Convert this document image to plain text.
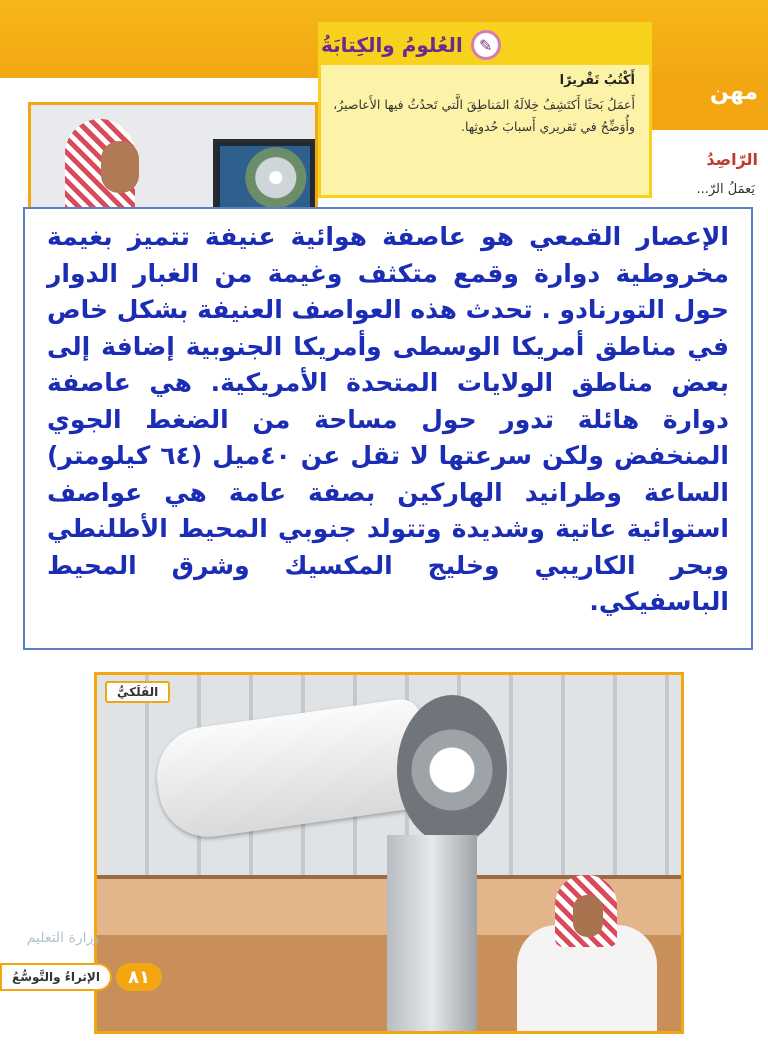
مهن
الرّاصِدُ
يَعمَلُ الرّ...
✎
العُلومُ والكِتابَةُ
أَكْتُبُ تَقْريرًا
أَعمَلُ بَحثًا أَكتَشِفُ خِلالَهُ المَناطِقَ الَّتي تَحدُثُ فيها الأَعاصيرُ، وأُوَضِّحُ في تَقريري أَسبابَ حُدوثِها.

الإعصار القمعي هو عاصفة هوائية عنيفة تتميز بغيمة مخروطية دوارة وقمع متكثف وغيمة من الغبار الدوار حول التورنادو . تحدث هذه العواصف العنيفة بشكل خاص في مناطق أمريكا الوسطى وأمريكا الجنوبية إضافة إلى بعض مناطق الولايات المتحدة الأمريكية. هي عاصفة دوارة هائلة تدور حول مساحة من الضغط الجوي المنخفض ولكن سرعتها لا تقل عن ٤٠ميل (٦٤ كيلومتر) الساعة وطرانيد الهاركين بصفة عامة هي عواصف استوائية عاتية وشديدة وتتولد جنوبي المحيط الأطلنطي وبحر الكاريبي وخليج المكسيك وشرق المحيط الباسفيكي.

الفَلَكيُّ
وزارة التعليم
الإثراءُ والتَّوسُّعُ	٨١
